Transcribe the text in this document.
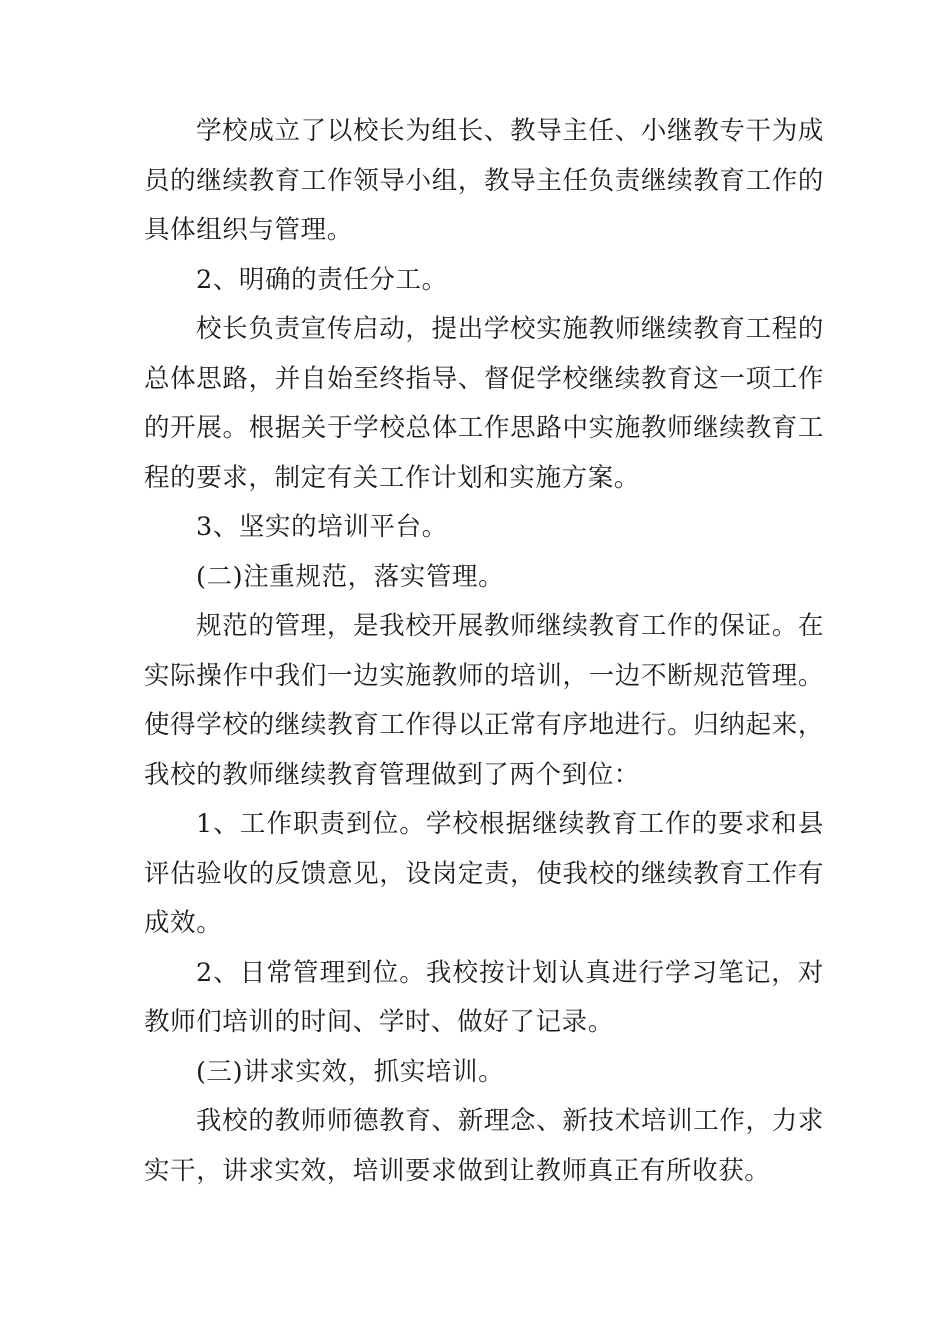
学校成立了以校长为组长、教导主任、小继教专干为成员的继续教育工作领导小组，教导主任负责继续教育工作的具体组织与管理。

2、明确的责任分工。

校长负责宣传启动，提出学校实施教师继续教育工程的总体思路，并自始至终指导、督促学校继续教育这一项工作的开展。根据关于学校总体工作思路中实施教师继续教育工程的要求，制定有关工作计划和实施方案。

3、坚实的培训平台。

(二)注重规范，落实管理。

规范的管理，是我校开展教师继续教育工作的保证。在实际操作中我们一边实施教师的培训，一边不断规范管理。使得学校的继续教育工作得以正常有序地进行。归纳起来，我校的教师继续教育管理做到了两个到位：

1、工作职责到位。学校根据继续教育工作的要求和县评估验收的反馈意见，设岗定责，使我校的继续教育工作有成效。

2、日常管理到位。我校按计划认真进行学习笔记，对教师们培训的时间、学时、做好了记录。

(三)讲求实效，抓实培训。

我校的教师师德教育、新理念、新技术培训工作，力求实干，讲求实效，培训要求做到让教师真正有所收获。
